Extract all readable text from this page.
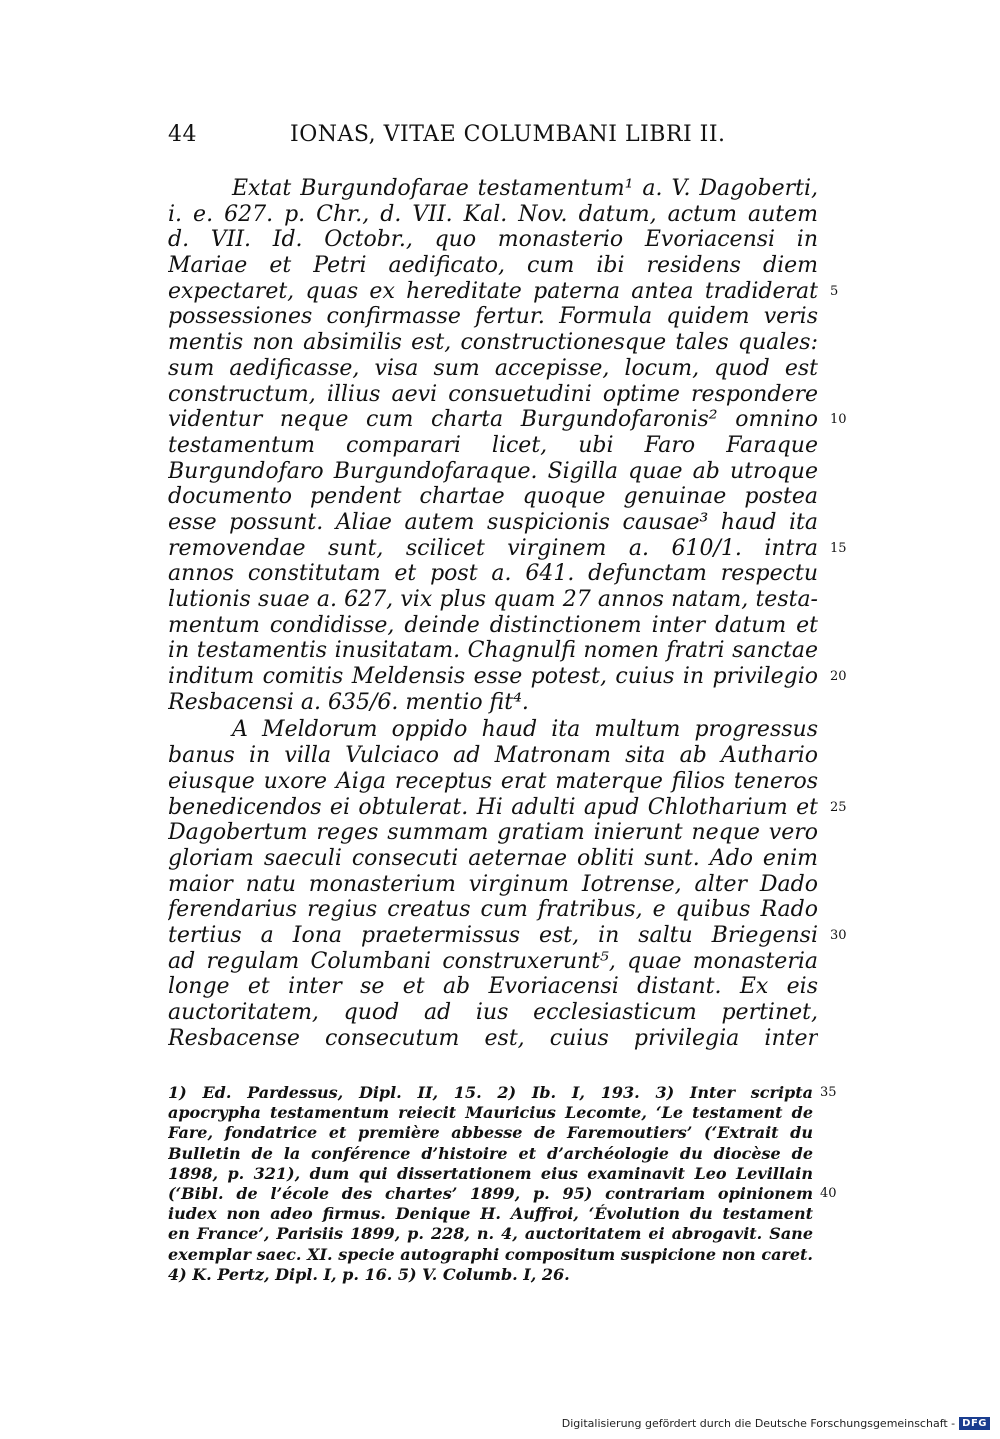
44	IONAS, VITAE COLUMBANI LIBRI II.
Extat Burgundofarae testamentum¹ a. V. Dagoberti,
i. e. 627. p. Chr., d. VII. Kal. Nov. datum, actum autem
d. VII. Id. Octobr., quo monasterio Evoriacensi in
Mariae et Petri aedificato, cum ibi residens diem
expectaret, quas ex hereditate paterna antea tradiderat 5
possessiones confirmasse fertur. Formula quidem veris
mentis non absimilis est, constructionesque tales quales:
sum aedificasse, visa sum accepisse, locum, quod est
constructum, illius aevi consuetudini optime respondere
videntur neque cum charta Burgundofaronis² omnino 10
testamentum comparari licet, ubi Faro Faraque
Burgundofaro Burgundofaraque. Sigilla quae ab utroque
documento pendent chartae quoque genuinae postea
esse possunt. Aliae autem suspicionis causae³ haud ita
removendae sunt, scilicet virginem a. 610/1. intra 15
annos constitutam et post a. 641. defunctam respectu
lutionis suae a. 627, vix plus quam 27 annos natam, testa-
mentum condidisse, deinde distinctionem inter datum et
in testamentis inusitatam. Chagnulfi nomen fratri sanctae
inditum comitis Meldensis esse potest, cuius in privilegio 20
Resbacensi a. 635/6. mentio fit⁴.
A Meldorum oppido haud ita multum progressus
banus in villa Vulciaco ad Matronam sita ab Authario
eiusque uxore Aiga receptus erat materque filios teneros
benedicendos ei obtulerat. Hi adulti apud Chlotharium et 25
Dagobertum reges summam gratiam inierunt neque vero
gloriam saeculi consecuti aeternae obliti sunt. Ado enim
maior natu monasterium virginum Iotrense, alter Dado
ferendarius regius creatus cum fratribus, e quibus Rado
tertius a Iona praetermissus est, in saltu Briegensi 30
ad regulam Columbani construxerunt⁵, quae monasteria
longe et inter se et ab Evoriacensi distant. Ex eis
auctoritatem, quod ad ius ecclesiasticum pertinet,
Resbacense consecutum est, cuius privilegia inter
1) Ed. Pardessus, Dipl. II, 15. 2) Ib. I, 193. 3) Inter scripta 35
apocrypha testamentum reiecit Mauricius Lecomte, ‘Le testament de
Fare, fondatrice et première abbesse de Faremoutiers’ (‘Extrait du
Bulletin de la conférence d’histoire et d’archéologie du diocèse de
1898, p. 321), dum qui dissertationem eius examinavit Leo Levillain
(‘Bibl. de l’école des chartes’ 1899, p. 95) contrariam opinionem 40
iudex non adeo firmus. Denique H. Auffroi, ‘Évolution du testament
en France’, Parisiis 1899, p. 228, n. 4, auctoritatem ei abrogavit. Sane
exemplar saec. XI. specie autographi compositum suspicione non caret.
4) K. Pertz, Dipl. I, p. 16. 5) V. Columb. I, 26.
Digitalisierung gefördert durch die Deutsche Forschungsgemeinschaft - DFG
